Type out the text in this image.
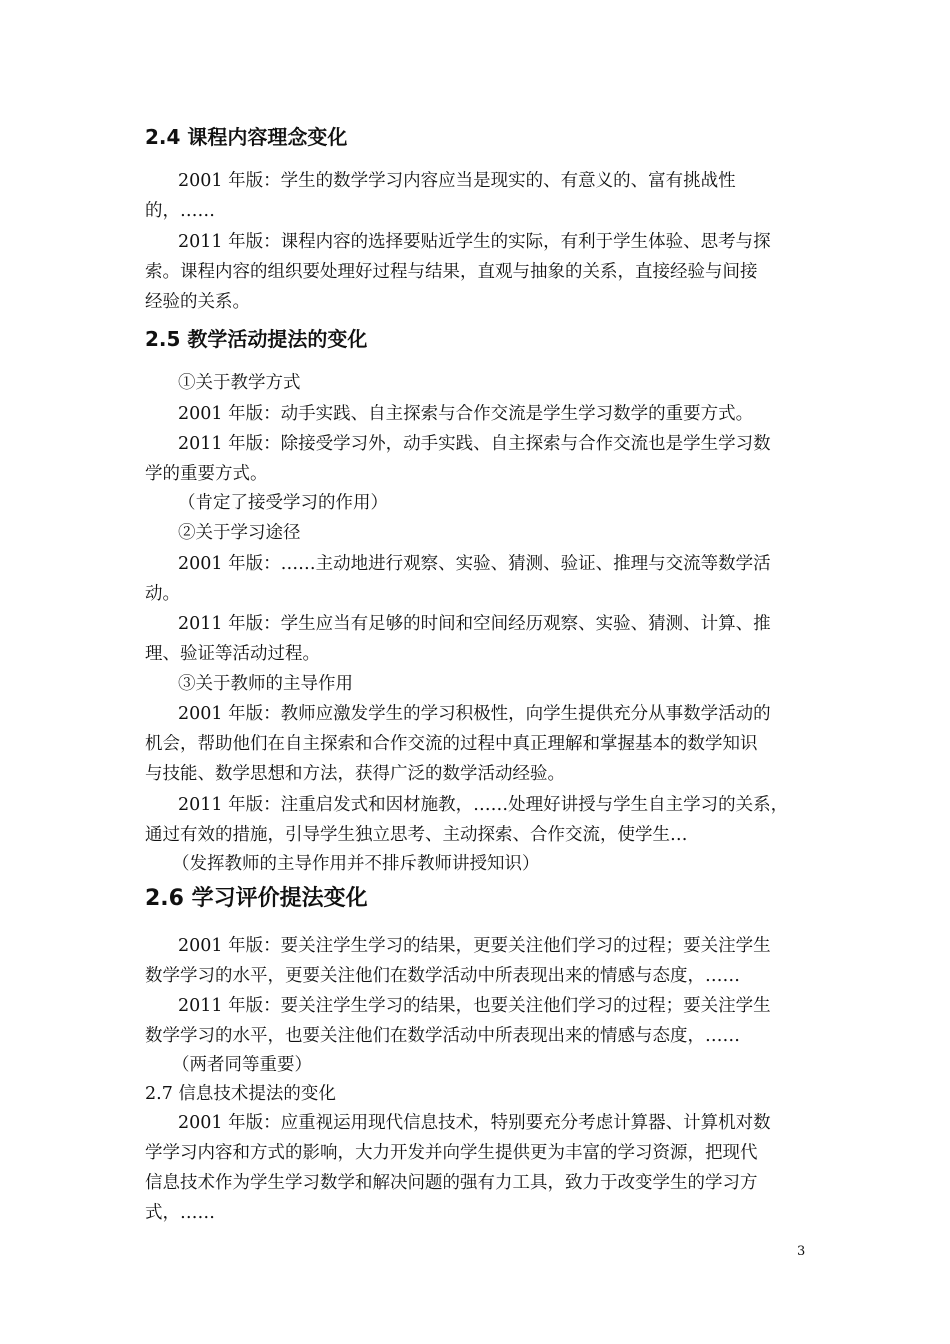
2.4 课程内容理念变化
2001 年版：学生的数学学习内容应当是现实的、有意义的、富有挑战性
的，……
2011 年版：课程内容的选择要贴近学生的实际，有利于学生体验、思考与探
索。课程内容的组织要处理好过程与结果，直观与抽象的关系，直接经验与间接
经验的关系。
2.5 教学活动提法的变化
①关于教学方式
2001 年版：动手实践、自主探索与合作交流是学生学习数学的重要方式。
2011 年版：除接受学习外，动手实践、自主探索与合作交流也是学生学习数
学的重要方式。
（肯定了接受学习的作用）
②关于学习途径
2001 年版：……主动地进行观察、实验、猜测、验证、推理与交流等数学活
动。
2011 年版：学生应当有足够的时间和空间经历观察、实验、猜测、计算、推
理、验证等活动过程。
③关于教师的主导作用
2001 年版：教师应激发学生的学习积极性，向学生提供充分从事数学活动的
机会，帮助他们在自主探索和合作交流的过程中真正理解和掌握基本的数学知识
与技能、数学思想和方法，获得广泛的数学活动经验。
2011 年版：注重启发式和因材施教，……处理好讲授与学生自主学习的关系，
通过有效的措施，引导学生独立思考、主动探索、合作交流，使学生…
（发挥教师的主导作用并不排斥教师讲授知识）
2.6 学习评价提法变化
2001 年版：要关注学生学习的结果，更要关注他们学习的过程；要关注学生
数学学习的水平，更要关注他们在数学活动中所表现出来的情感与态度，……
2011 年版：要关注学生学习的结果，也要关注他们学习的过程；要关注学生
数学学习的水平，也要关注他们在数学活动中所表现出来的情感与态度，……
（两者同等重要）
2.7 信息技术提法的变化
2001 年版：应重视运用现代信息技术，特别要充分考虑计算器、计算机对数
学学习内容和方式的影响，大力开发并向学生提供更为丰富的学习资源，把现代
信息技术作为学生学习数学和解决问题的强有力工具，致力于改变学生的学习方
式，……
3
